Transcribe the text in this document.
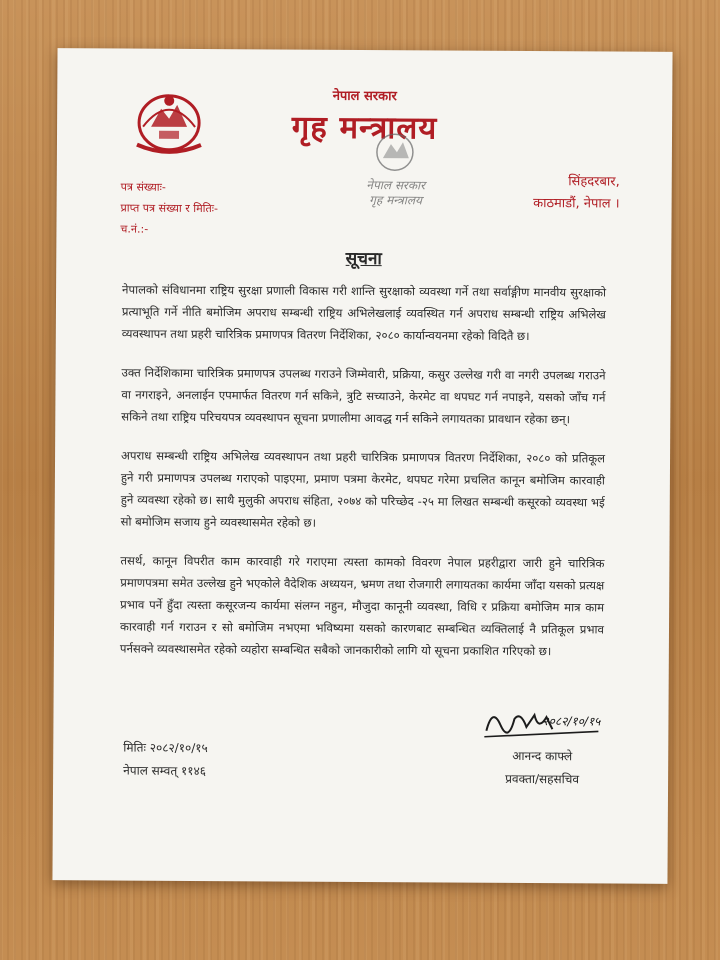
नेपाल सरकार
गृह मन्त्रालय
नेपाल सरकार
गृह मन्त्रालय
पत्र संख्याः-
प्राप्त पत्र संख्या र मितिः-
च.नं.:-
सिंहदरबार,
काठमाडौं, नेपाल ।
सूचना

नेपालको संविधानमा राष्ट्रिय सुरक्षा प्रणाली विकास गरी शान्ति सुरक्षाको व्यवस्था गर्ने तथा सर्वाङ्गीण मानवीय सुरक्षाको प्रत्याभूति गर्ने नीति बमोजिम अपराध सम्बन्धी राष्ट्रिय अभिलेखलाई व्यवस्थित गर्न अपराध सम्बन्धी राष्ट्रिय अभिलेख व्यवस्थापन तथा प्रहरी चारित्रिक प्रमाणपत्र वितरण निर्देशिका, २०८० कार्यान्वयनमा रहेको विदितै छ।

उक्त निर्देशिकामा चारित्रिक प्रमाणपत्र उपलब्ध गराउने जिम्मेवारी, प्रक्रिया, कसुर उल्लेख गरी वा नगरी उपलब्ध गराउने वा नगराइने, अनलाईन एपमार्फत वितरण गर्न सकिने, त्रुटि सच्याउने, केरमेट वा थपघट गर्न नपाइने, यसको जाँच गर्न सकिने तथा राष्ट्रिय परिचयपत्र व्यवस्थापन सूचना प्रणालीमा आवद्ध गर्न सकिने लगायतका प्रावधान रहेका छन्।

अपराध सम्बन्धी राष्ट्रिय अभिलेख व्यवस्थापन तथा प्रहरी चारित्रिक प्रमाणपत्र वितरण निर्देशिका, २०८० को प्रतिकूल हुने गरी प्रमाणपत्र उपलब्ध गराएको पाइएमा, प्रमाण पत्रमा केरमेट, थपघट गरेमा प्रचलित कानून बमोजिम कारवाही हुने व्यवस्था रहेको छ। साथै मुलुकी अपराध संहिता, २०७४ को परिच्छेद -२५ मा लिखत सम्बन्धी कसूरको व्यवस्था भई सो बमोजिम सजाय हुने व्यवस्थासमेत रहेको छ।

तसर्थ, कानून विपरीत काम कारवाही गरे गराएमा त्यस्ता कामको विवरण नेपाल प्रहरीद्वारा जारी हुने चारित्रिक प्रमाणपत्रमा समेत उल्लेख हुने भएकोले वैदेशिक अध्ययन, भ्रमण तथा रोजगारी लगायतका कार्यमा जाँदा यसको प्रत्यक्ष प्रभाव पर्ने हुँदा त्यस्ता कसूरजन्य कार्यमा संलग्न नहुन, मौजुदा कानूनी व्यवस्था, विधि र प्रक्रिया बमोजिम मात्र काम कारवाही गर्न गराउन र सो बमोजिम नभएमा भविष्यमा यसको कारणबाट सम्बन्धित व्यक्तिलाई नै प्रतिकूल प्रभाव पर्नसक्ने व्यवस्थासमेत रहेको व्यहोरा सम्बन्धित सबैको जानकारीको लागि यो सूचना प्रकाशित गरिएको छ।

मितिः २०८२/१०/१५
नेपाल सम्वत् ११४६
२०८२/१०/१५
आनन्द काफ्ले
प्रवक्ता/सहसचिव
